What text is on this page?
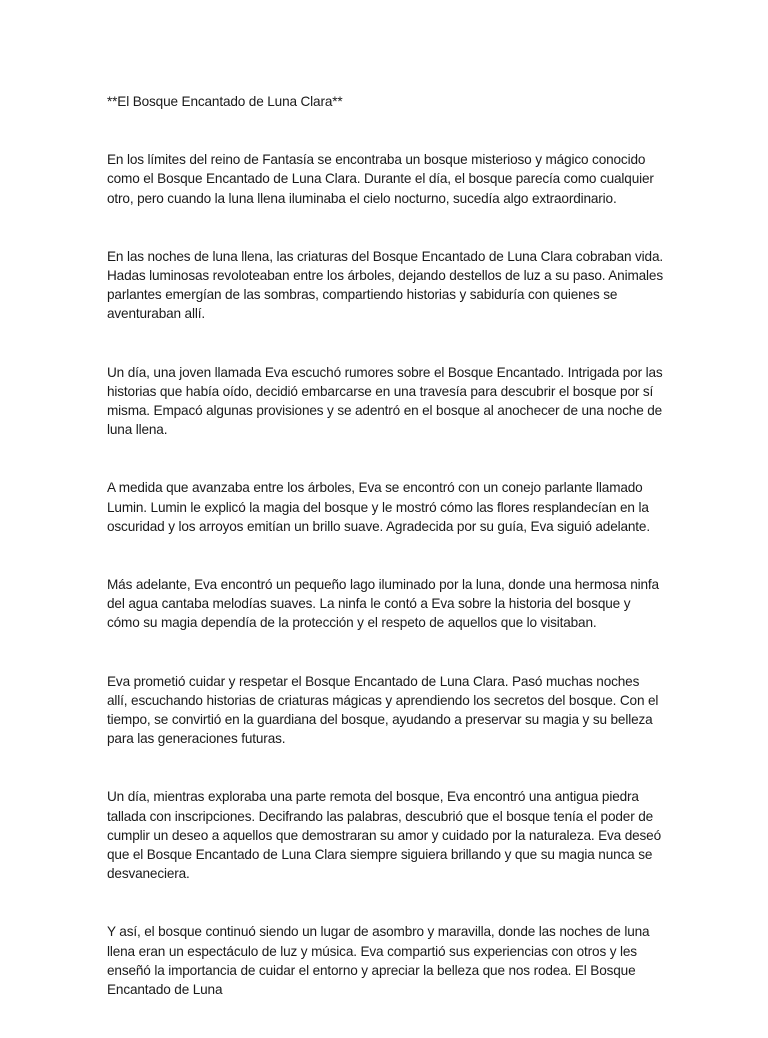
**El Bosque Encantado de Luna Clara**

En los límites del reino de Fantasía se encontraba un bosque misterioso y mágico conocido como el Bosque Encantado de Luna Clara. Durante el día, el bosque parecía como cualquier otro, pero cuando la luna llena iluminaba el cielo nocturno, sucedía algo extraordinario.

En las noches de luna llena, las criaturas del Bosque Encantado de Luna Clara cobraban vida. Hadas luminosas revoloteaban entre los árboles, dejando destellos de luz a su paso. Animales parlantes emergían de las sombras, compartiendo historias y sabiduría con quienes se aventuraban allí.

Un día, una joven llamada Eva escuchó rumores sobre el Bosque Encantado. Intrigada por las historias que había oído, decidió embarcarse en una travesía para descubrir el bosque por sí misma. Empacó algunas provisiones y se adentró en el bosque al anochecer de una noche de luna llena.

A medida que avanzaba entre los árboles, Eva se encontró con un conejo parlante llamado Lumin. Lumin le explicó la magia del bosque y le mostró cómo las flores resplandecían en la oscuridad y los arroyos emitían un brillo suave. Agradecida por su guía, Eva siguió adelante.

Más adelante, Eva encontró un pequeño lago iluminado por la luna, donde una hermosa ninfa del agua cantaba melodías suaves. La ninfa le contó a Eva sobre la historia del bosque y cómo su magia dependía de la protección y el respeto de aquellos que lo visitaban.

Eva prometió cuidar y respetar el Bosque Encantado de Luna Clara. Pasó muchas noches allí, escuchando historias de criaturas mágicas y aprendiendo los secretos del bosque. Con el tiempo, se convirtió en la guardiana del bosque, ayudando a preservar su magia y su belleza para las generaciones futuras.

Un día, mientras exploraba una parte remota del bosque, Eva encontró una antigua piedra tallada con inscripciones. Decifrando las palabras, descubrió que el bosque tenía el poder de cumplir un deseo a aquellos que demostraran su amor y cuidado por la naturaleza. Eva deseó que el Bosque Encantado de Luna Clara siempre siguiera brillando y que su magia nunca se desvaneciera.

Y así, el bosque continuó siendo un lugar de asombro y maravilla, donde las noches de luna llena eran un espectáculo de luz y música. Eva compartió sus experiencias con otros y les enseñó la importancia de cuidar el entorno y apreciar la belleza que nos rodea. El Bosque Encantado de Luna
